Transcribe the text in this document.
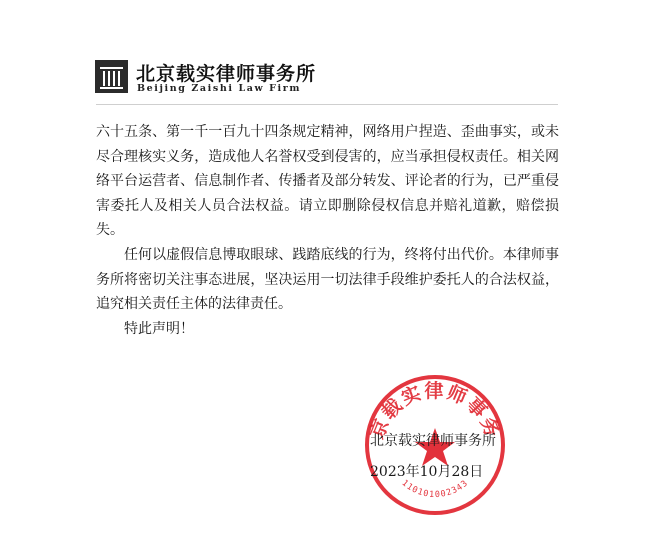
北京载实律师事务所
Beijing Zaishi Law Firm

六十五条、第一千一百九十四条规定精神，网络用户捏造、歪曲事实，或未尽合理核实义务，造成他人名誉权受到侵害的，应当承担侵权责任。相关网络平台运营者、信息制作者、传播者及部分转发、评论者的行为，已严重侵害委托人及相关人员合法权益。请立即删除侵权信息并赔礼道歉，赔偿损失。

任何以虚假信息博取眼球、践踏底线的行为，终将付出代价。本律师事务所将密切关注事态进展，坚决运用一切法律手段维护委托人的合法权益，追究相关责任主体的法律责任。

特此声明！

京载实律师事务
110101002343
北京载实律师事务所
2023年10月28日
